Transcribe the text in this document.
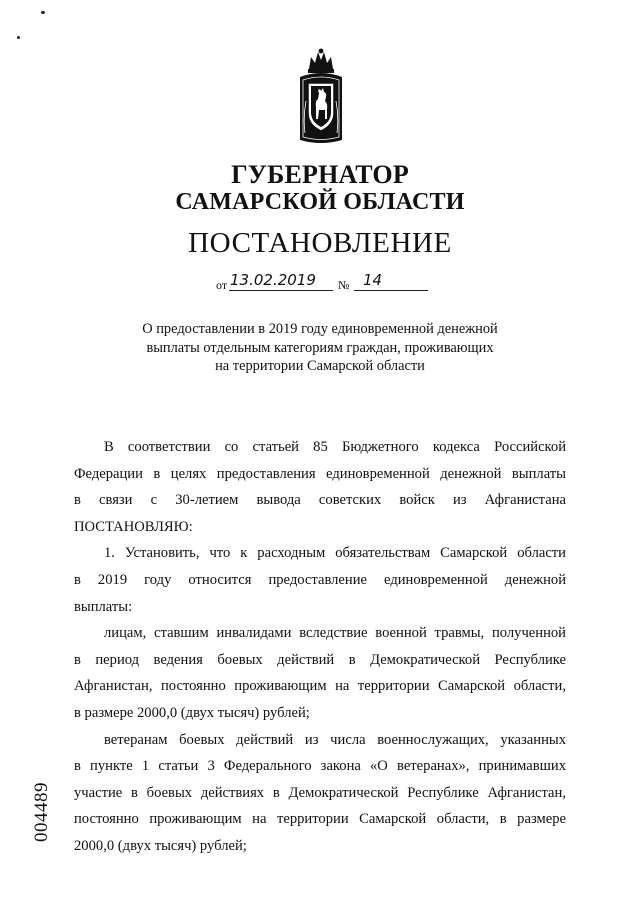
ГУБЕРНАТОР
САМАРСКОЙ ОБЛАСТИ
ПОСТАНОВЛЕНИЕ
от 13.02.2019 № 14
О предоставлении в 2019 году единовременной денежной
выплаты отдельным категориям граждан, проживающих
на территории Самарской области
В соответствии со статьей 85 Бюджетного кодекса Российской
Федерации в целях предоставления единовременной денежной выплаты
в связи с 30-летием вывода советских войск из Афганистана
ПОСТАНОВЛЯЮ:
1. Установить, что к расходным обязательствам Самарской области
в 2019 году относится предоставление единовременной денежной
выплаты:
лицам, ставшим инвалидами вследствие военной травмы, полученной
в период ведения боевых действий в Демократической Республике
Афганистан, постоянно проживающим на территории Самарской области,
в размере 2000,0 (двух тысяч) рублей;
ветеранам боевых действий из числа военнослужащих, указанных
в пункте 1 статьи 3 Федерального закона «О ветеранах», принимавших
участие в боевых действиях в Демократической Республике Афганистан,
постоянно проживающим на территории Самарской области, в размере
2000,0 (двух тысяч) рублей;
004489
